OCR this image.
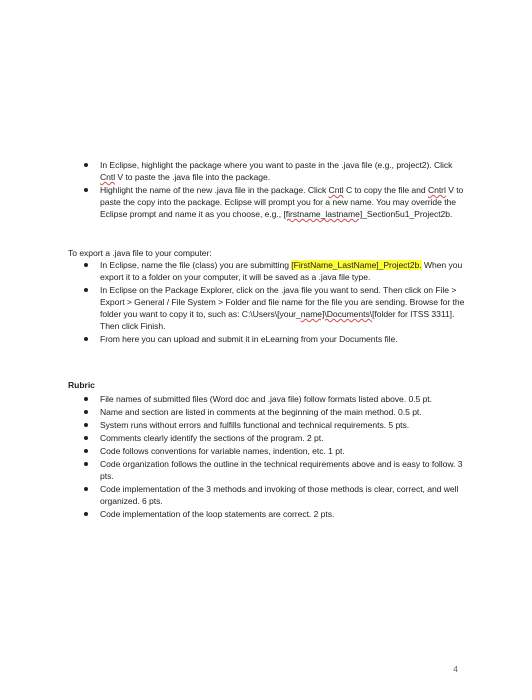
In Eclipse, highlight the package where you want to paste in the .java file (e.g., project2). Click Cntl V to paste the .java file into the package.
Highlight the name of the new .java file in the package. Click Cntl C to copy the file and Cntrl V to paste the copy into the package. Eclipse will prompt you for a new name. You may override the Eclipse prompt and name it as you choose, e.g., [firstname_lastname]_Section5u1_Project2b.

To export a .java file to your computer:

In Eclipse, name the file (class) you are submitting [FirstName_LastName]_Project2b. When you export it to a folder on your computer, it will be saved as a .java file type.
In Eclipse on the Package Explorer, click on the .java file you want to send. Then click on File > Export > General / File System > Folder and file name for the file you are sending. Browse for the folder you want to copy it to, such as: C:\Users\[your_name]\Documents\[folder for ITSS 3311]. Then click Finish.
From here you can upload and submit it in eLearning from your Documents file.

Rubric

File names of submitted files (Word doc and .java file) follow formats listed above. 0.5 pt.
Name and section are listed in comments at the beginning of the main method. 0.5 pt.
System runs without errors and fulfills functional and technical requirements. 5 pts.
Comments clearly identify the sections of the program. 2 pt.
Code follows conventions for variable names, indention, etc. 1 pt.
Code organization follows the outline in the technical requirements above and is easy to follow. 3 pts.
Code implementation of the 3 methods and invoking of those methods is clear, correct, and well organized. 6 pts.
Code implementation of the loop statements are correct. 2 pts.
4
